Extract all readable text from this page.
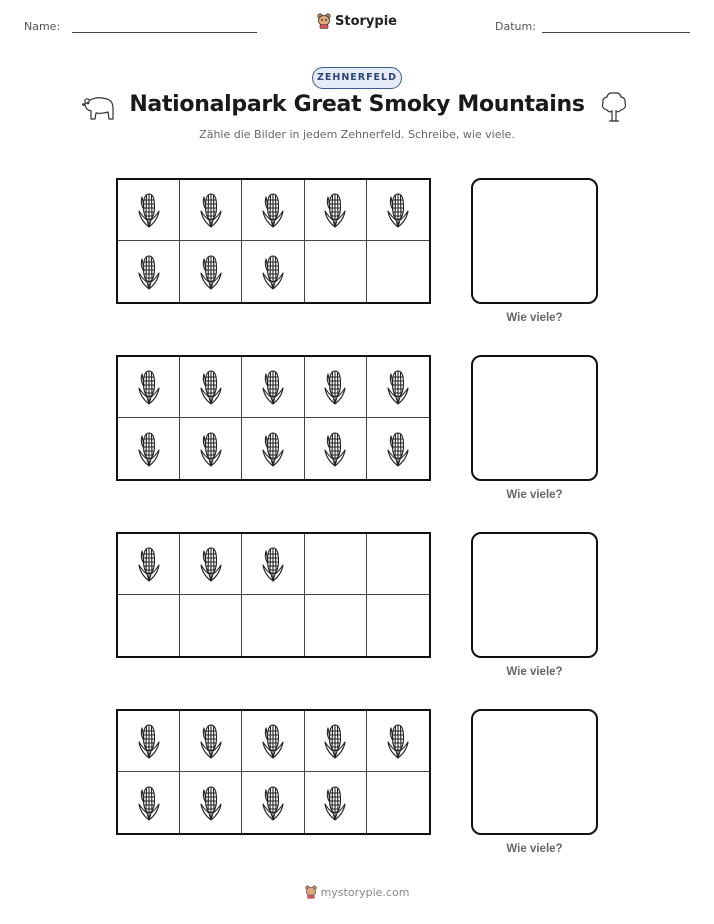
Name:	Storypie	Datum:
ZEHNERFELD
Nationalpark Great Smoky Mountains
Zähle die Bilder in jedem Zehnerfeld. Schreibe, wie viele.
Wie viele?
Wie viele?
Wie viele?
Wie viele?
mystorypie.com
